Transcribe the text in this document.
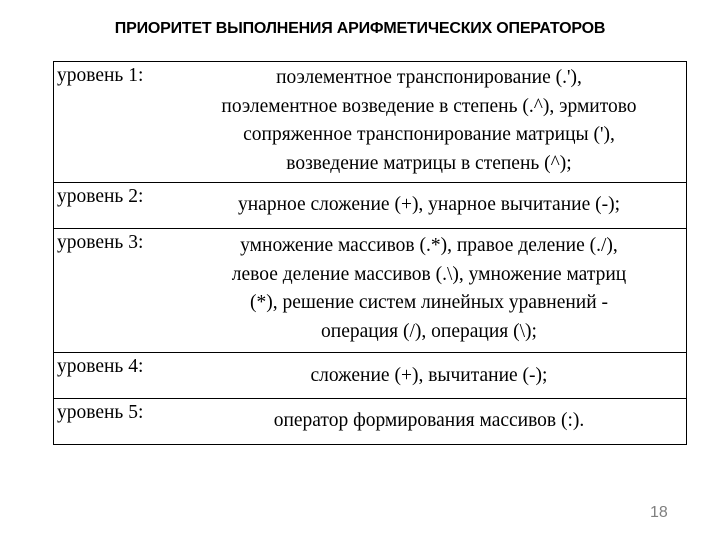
ПРИОРИТЕТ ВЫПОЛНЕНИЯ АРИФМЕТИЧЕСКИХ ОПЕРАТОРОВ
уровень 1:	поэлементное транспонирование (.'),
поэлементное возведение в степень (.^), эрмитово
сопряженное транспонирование матрицы ('),
возведение матрицы в степень (^);
уровень 2:	унарное сложение (+), унарное вычитание (-);
уровень 3:	умножение массивов (.*), правое деление (./),
левое деление массивов (.\), умножение матриц
(*), решение систем линейных уравнений -
операция (/), операция (\);
уровень 4:	сложение (+), вычитание (-);
уровень 5:	оператор формирования массивов (:).
18
